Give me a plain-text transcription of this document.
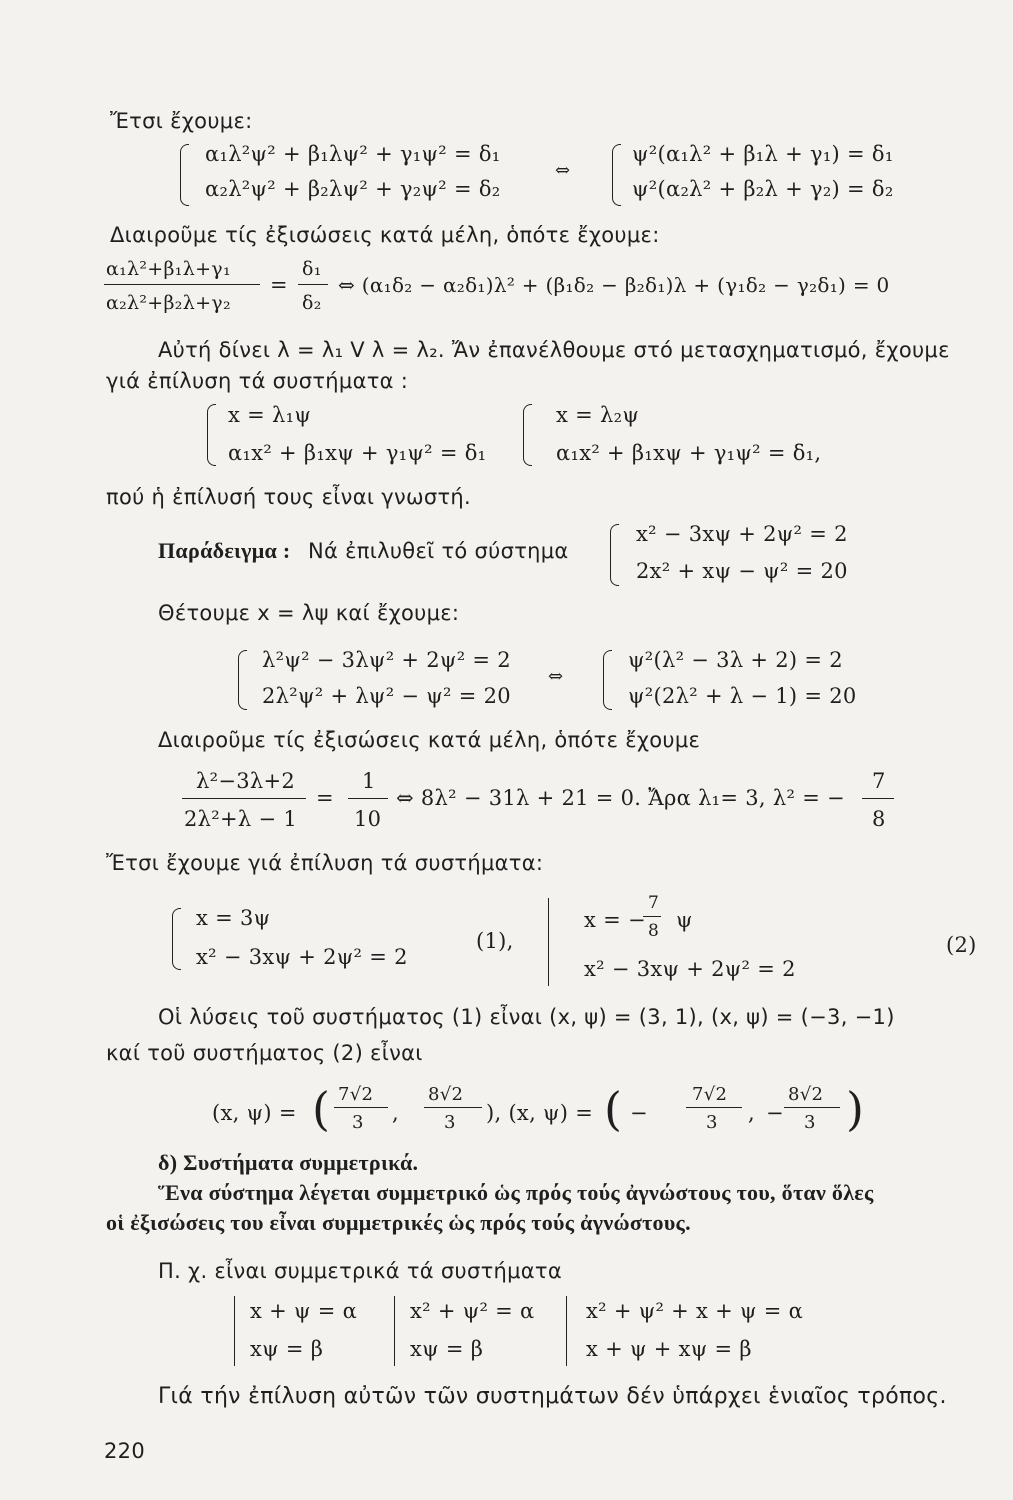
Ἔτσι ἔχουμε:
α₁λ²ψ² + β₁λψ² + γ₁ψ² = δ₁
α₂λ²ψ² + β₂λψ² + γ₂ψ² = δ₂
⇔
ψ²(α₁λ² + β₁λ + γ₁) = δ₁
ψ²(α₂λ² + β₂λ + γ₂) = δ₂
Διαιροῦμε τίς ἐξισώσεις κατά μέλη, ὁπότε ἔχουμε:
α₁λ²+β₁λ+γ₁
α₂λ²+β₂λ+γ₂
=
δ₁
δ₂
⇔ (α₁δ₂ − α₂δ₁)λ² + (β₁δ₂ − β₂δ₁)λ + (γ₁δ₂ − γ₂δ₁) = 0
Αὐτή δίνει λ = λ₁ V λ = λ₂. Ἄν ἐπανέλθουμε στό μετασχηματισμό, ἔχουμε
γιά ἐπίλυση τά συστήματα :
x = λ₁ψ
α₁x² + β₁xψ + γ₁ψ² = δ₁
x = λ₂ψ
α₁x² + β₁xψ + γ₁ψ² = δ₁,
πού ἡ ἐπίλυσή τους εἶναι γνωστή.
Παράδειγμα : Νά ἐπιλυθεῖ τό σύστημα
x² − 3xψ + 2ψ² = 2
2x² + xψ − ψ² = 20
Θέτουμε x = λψ καί ἔχουμε:
λ²ψ² − 3λψ² + 2ψ² = 2
2λ²ψ² + λψ² − ψ² = 20
⇔
ψ²(λ² − 3λ + 2) = 2
ψ²(2λ² + λ − 1) = 20
Διαιροῦμε τίς ἐξισώσεις κατά μέλη, ὁπότε ἔχουμε
λ²−3λ+2
2λ²+λ − 1
=
1
10
⇔ 8λ² − 31λ + 21 = 0. Ἄρα λ₁= 3, λ² = −
7
8
Ἔτσι ἔχουμε γιά ἐπίλυση τά συστήματα:
x = 3ψ
x² − 3xψ + 2ψ² = 2
(1),
x = −
7
8 ψ
x² − 3xψ + 2ψ² = 2
(2)
Οἱ λύσεις τοῦ συστήματος (1) εἶναι (x, ψ) = (3, 1), (x, ψ) = (−3, −1)
καί τοῦ συστήματος (2) εἶναι
(x, ψ) = ( 7√2
3 ,
8√2
3 ), (x, ψ) = ( −
7√2
3 , −
8√2
3 )
δ) Συστήματα συμμετρικά.
Ἕνα σύστημα λέγεται συμμετρικό ὡς πρός τούς ἀγνώστους του, ὅταν ὅλες
οἱ ἐξισώσεις του εἶναι συμμετρικές ὡς πρός τούς ἀγνώστους.
Π. χ. εἶναι συμμετρικά τά συστήματα
x + ψ = α
xψ = β
x² + ψ² = α
xψ = β
x² + ψ² + x + ψ = α
x + ψ + xψ = β
Γιά τήν ἐπίλυση αὐτῶν τῶν συστημάτων δέν ὑπάρχει ἑνιαῖος τρόπος.
220
